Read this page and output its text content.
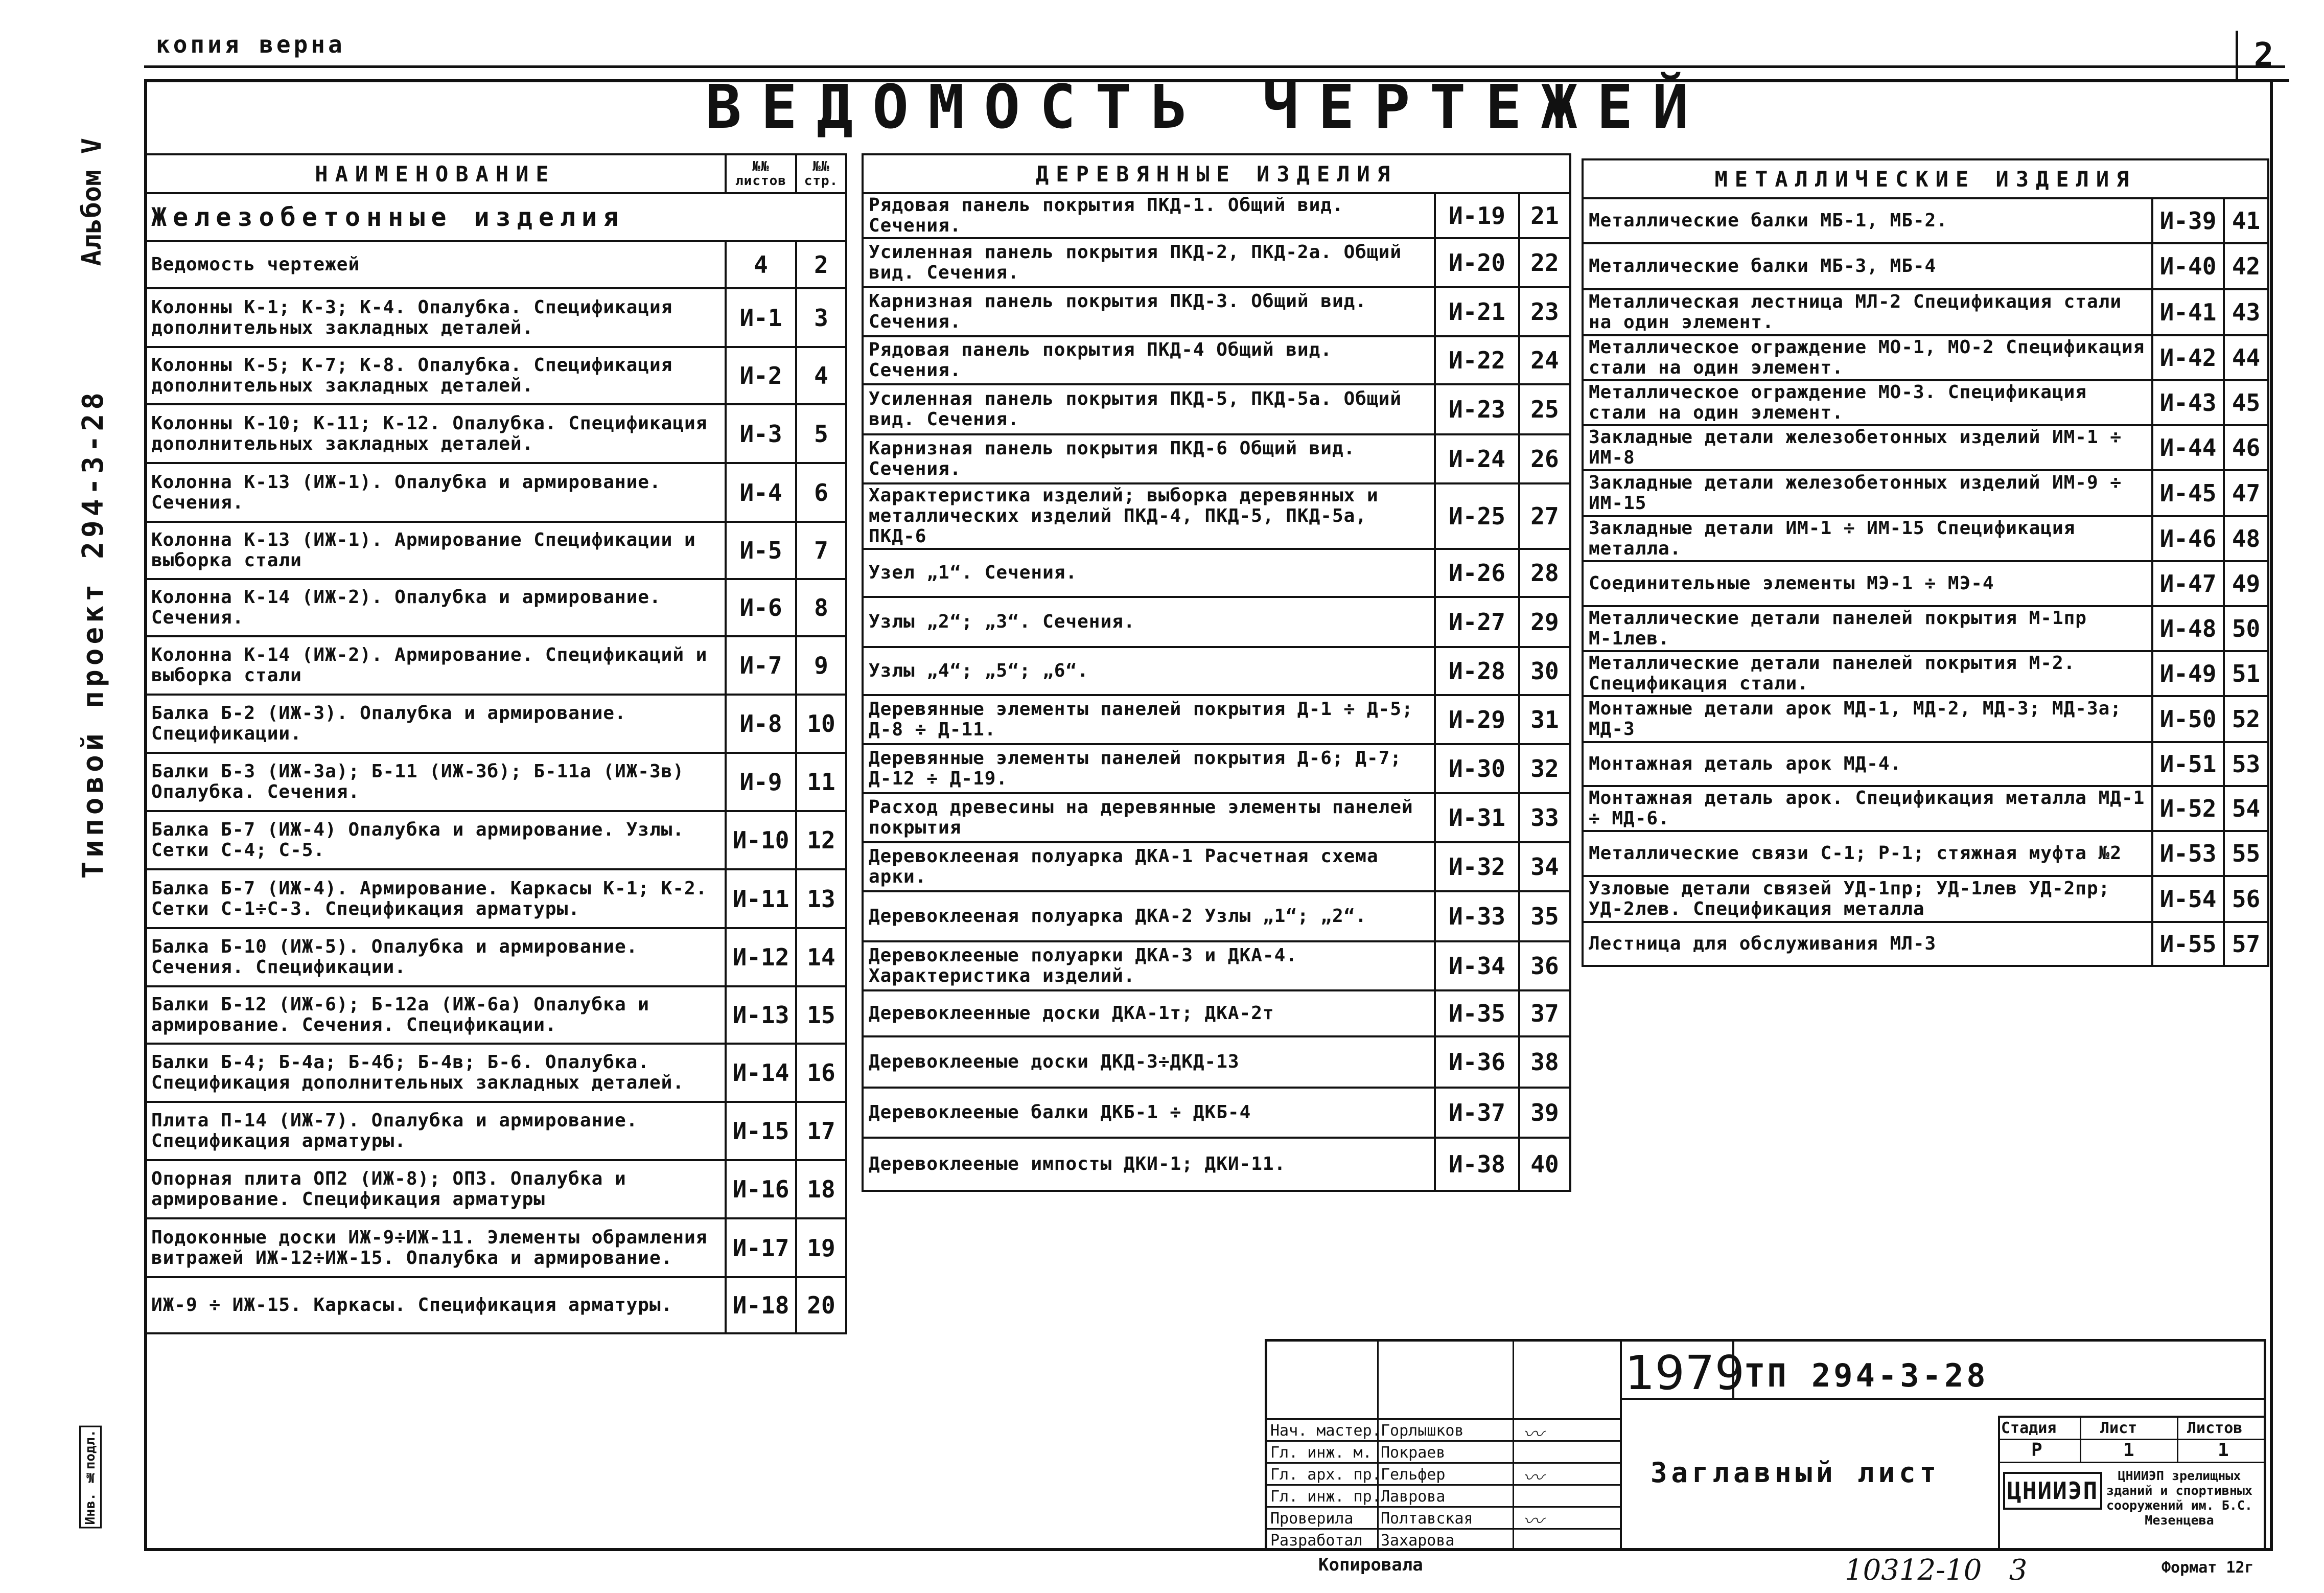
копия верна	2
ВЕДОМОСТЬ ЧЕРТЕЖЕЙ
Альбом V
Типовой проект 294-3-28
Инв. №подл.
НАИМЕНОВАНИЕ	№№ листов	№№ стр.
Железобетонные изделия		
Ведомость чертежей	4	2
Колонны К-1; К-3; К-4. Опалубка. Спецификация дополнительных закладных деталей.	И-1	3
Колонны К-5; К-7; К-8. Опалубка. Спецификация дополнительных закладных деталей.	И-2	4
Колонны К-10; К-11; К-12. Опалубка. Спецификация дополнительных закладных деталей.	И-3	5
Колонна К-13 (ИЖ-1). Опалубка и армирование. Сечения.	И-4	6
Колонна К-13 (ИЖ-1). Армирование Спецификации и выборка стали	И-5	7
Колонна К-14 (ИЖ-2). Опалубка и армирование. Сечения.	И-6	8
Колонна К-14 (ИЖ-2). Армирование. Спецификаций и выборка стали	И-7	9
Балка Б-2 (ИЖ-3). Опалубка и армирование. Спецификации.	И-8	10
Балки Б-3 (ИЖ-3а); Б-11 (ИЖ-3б); Б-11а (ИЖ-3в) Опалубка. Сечения.	И-9	11
Балка Б-7 (ИЖ-4) Опалубка и армирование. Узлы. Сетки С-4; С-5.	И-10	12
Балка Б-7 (ИЖ-4). Армирование. Каркасы К-1; К-2. Сетки С-1÷С-3. Спецификация арматуры.	И-11	13
Балка Б-10 (ИЖ-5). Опалубка и армирование. Сечения. Спецификации.	И-12	14
Балки Б-12 (ИЖ-6); Б-12а (ИЖ-6а) Опалубка и армирование. Сечения. Спецификации.	И-13	15
Балки Б-4; Б-4а; Б-4б; Б-4в; Б-6. Опалубка. Спецификация дополнительных закладных деталей.	И-14	16
Плита П-14 (ИЖ-7). Опалубка и армирование. Спецификация арматуры.	И-15	17
Опорная плита ОП2 (ИЖ-8); ОП3. Опалубка и армирование. Спецификация арматуры	И-16	18
Подоконные доски ИЖ-9÷ИЖ-11. Элементы обрамления витражей ИЖ-12÷ИЖ-15. Опалубка и армирование.	И-17	19
ИЖ-9 ÷ ИЖ-15. Каркасы. Спецификация арматуры.	И-18	20
ДЕРЕВЯННЫЕ ИЗДЕЛИЯ		
Рядовая панель покрытия ПКД-1. Общий вид. Сечения.	И-19	21
Усиленная панель покрытия ПКД-2, ПКД-2а. Общий вид. Сечения.	И-20	22
Карнизная панель покрытия ПКД-3. Общий вид. Сечения.	И-21	23
Рядовая панель покрытия ПКД-4 Общий вид. Сечения.	И-22	24
Усиленная панель покрытия ПКД-5, ПКД-5а. Общий вид. Сечения.	И-23	25
Карнизная панель покрытия ПКД-6 Общий вид. Сечения.	И-24	26
Характеристика изделий; выборка деревянных и металлических изделий ПКД-4, ПКД-5, ПКД-5а, ПКД-6	И-25	27
Узел „1“. Сечения.	И-26	28
Узлы „2“; „3“. Сечения.	И-27	29
Узлы „4“; „5“; „6“.	И-28	30
Деревянные элементы панелей покрытия Д-1 ÷ Д-5; Д-8 ÷ Д-11.	И-29	31
Деревянные элементы панелей покрытия Д-6; Д-7; Д-12 ÷ Д-19.	И-30	32
Расход древесины на деревянные элементы панелей покрытия	И-31	33
Деревоклееная полуарка ДКА-1 Расчетная схема арки.	И-32	34
Деревоклееная полуарка ДКА-2 Узлы „1“; „2“.	И-33	35
Деревоклееные полуарки ДКА-3 и ДКА-4. Характеристика изделий.	И-34	36
Деревоклеенные доски ДКА-1т; ДКА-2т	И-35	37
Деревоклееные доски ДКД-3÷ДКД-13	И-36	38
Деревоклееные балки ДКБ-1 ÷ ДКБ-4	И-37	39
Деревоклееные импосты ДКИ-1; ДКИ-11.	И-38	40
МЕТАЛЛИЧЕСКИЕ ИЗДЕЛИЯ		
Металлические балки МБ-1, МБ-2.	И-39	41
Металлические балки МБ-3, МБ-4	И-40	42
Металлическая лестница МЛ-2 Спецификация стали на один элемент.	И-41	43
Металлическое ограждение МО-1, МО-2 Спецификация стали на один элемент.	И-42	44
Металлическое ограждение МО-3. Спецификация стали на один элемент.	И-43	45
Закладные детали железобетонных изделий ИМ-1 ÷ ИМ-8	И-44	46
Закладные детали железобетонных изделий ИМ-9 ÷ ИМ-15	И-45	47
Закладные детали ИМ-1 ÷ ИМ-15 Спецификация металла.	И-46	48
Соединительные элементы МЭ-1 ÷ МЭ-4	И-47	49
Металлические детали панелей покрытия М-1пр М-1лев.	И-48	50
Металлические детали панелей покрытия М-2. Спецификация стали.	И-49	51
Монтажные детали арок МД-1, МД-2, МД-3; МД-3а; МД-3	И-50	52
Монтажная деталь арок МД-4.	И-51	53
Монтажная деталь арок. Спецификация металла МД-1 ÷ МД-6.	И-52	54
Металлические связи С-1; Р-1; стяжная муфта №2	И-53	55
Узловые детали связей УД-1пр; УД-1лев УД-2пр; УД-2лев. Спецификация металла	И-54	56
Лестница для обслуживания МЛ-3	И-55	57
1979 ТП 294-3-28
Заглавный лист
Стадия	Лист	Листов
Р	1	1
ЦНИИЭП
ЦНИИЭП зрелищных зданий и спортивных сооружений им. Б.С. Мезенцева
Нач. мастер. Горлышков
Гл. инж. м. Покраев
Гл. арх. пр. Гельфер
Гл. инж. пр. Лаврова
Проверила Полтавская
Разработал Захарова
〰
〰
〰
Копировала	10312-10 3	Формат 12г
